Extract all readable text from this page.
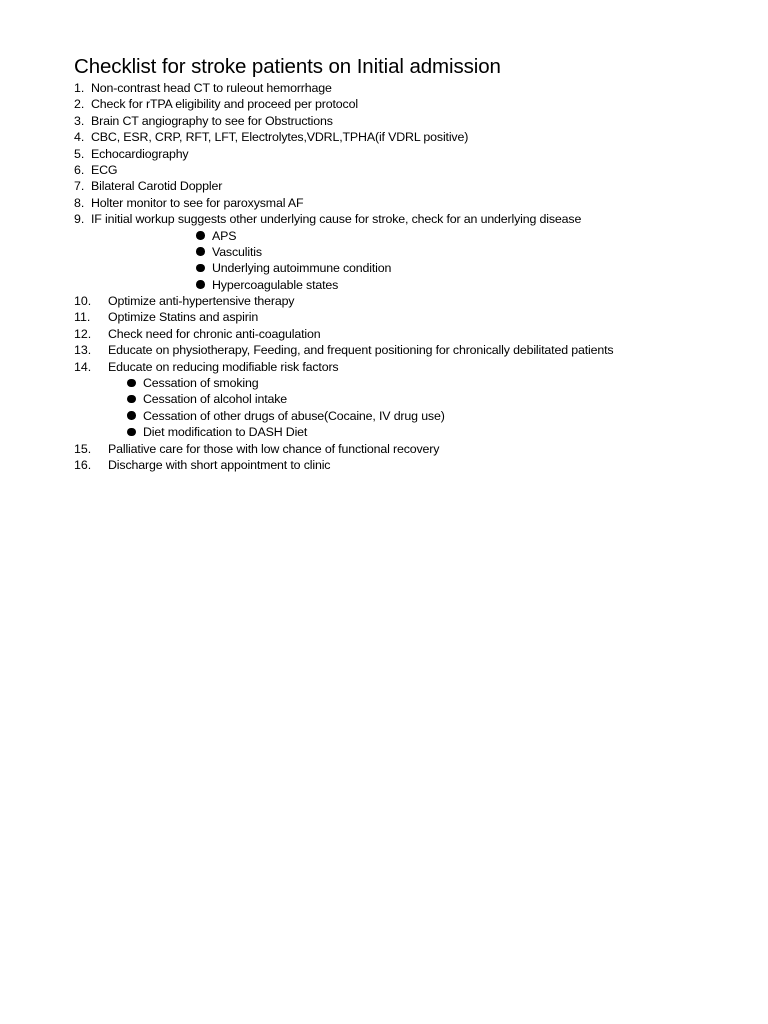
Checklist for stroke patients on Initial admission
1. Non-contrast head CT to ruleout hemorrhage
2. Check for rTPA eligibility and proceed per protocol
3. Brain CT angiography to see for Obstructions
4. CBC, ESR, CRP, RFT, LFT, Electrolytes,VDRL,TPHA(if VDRL positive)
5. Echocardiography
6. ECG
7. Bilateral Carotid Doppler
8. Holter monitor to see for paroxysmal AF
9. IF initial workup suggests other underlying cause for stroke, check for an underlying disease
APS
Vasculitis
Underlying autoimmune condition
Hypercoagulable states
10. Optimize anti-hypertensive therapy
11. Optimize Statins and aspirin
12. Check need for chronic anti-coagulation
13. Educate on physiotherapy, Feeding, and frequent positioning for chronically debilitated patients
14. Educate on reducing modifiable risk factors
Cessation of smoking
Cessation of alcohol intake
Cessation of other drugs of abuse(Cocaine, IV drug use)
Diet modification to DASH Diet
15. Palliative care for those with low chance of functional recovery
16. Discharge with short appointment to clinic
